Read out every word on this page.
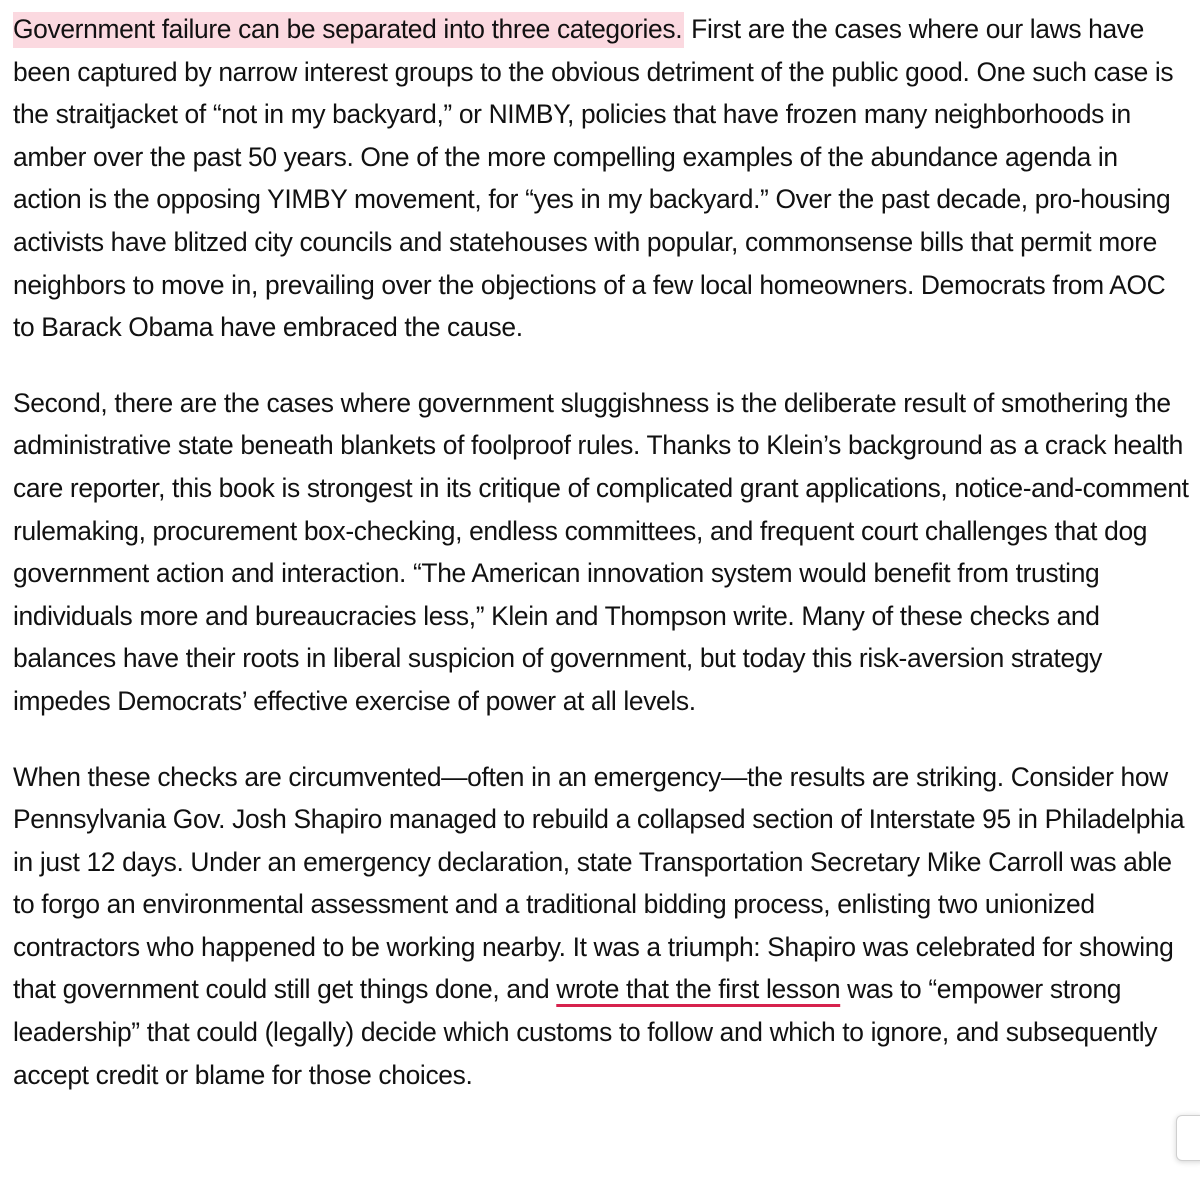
Government failure can be separated into three categories. First are the cases where our laws have been captured by narrow interest groups to the obvious detriment of the public good. One such case is the straitjacket of “not in my backyard,” or NIMBY, policies that have frozen many neighborhoods in amber over the past 50 years. One of the more compelling examples of the abundance agenda in action is the opposing YIMBY movement, for “yes in my backyard.” Over the past decade, pro-housing activists have blitzed city councils and statehouses with popular, commonsense bills that permit more neighbors to move in, prevailing over the objections of a few local homeowners. Democrats from AOC to Barack Obama have embraced the cause.

Second, there are the cases where government sluggishness is the deliberate result of smothering the administrative state beneath blankets of foolproof rules. Thanks to Klein’s background as a crack health care reporter, this book is strongest in its critique of complicated grant applications, notice-and-comment rulemaking, procurement box-checking, endless committees, and frequent court challenges that dog government action and interaction. “The American innovation system would benefit from trusting individuals more and bureaucracies less,” Klein and Thompson write. Many of these checks and balances have their roots in liberal suspicion of government, but today this risk-aversion strategy impedes Democrats’ effective exercise of power at all levels.

When these checks are circumvented—often in an emergency—the results are striking. Consider how Pennsylvania Gov. Josh Shapiro managed to rebuild a collapsed section of Interstate 95 in Philadelphia in just 12 days. Under an emergency declaration, state Transportation Secretary Mike Carroll was able to forgo an environmental assessment and a traditional bidding process, enlisting two unionized contractors who happened to be working nearby. It was a triumph: Shapiro was celebrated for showing that government could still get things done, and wrote that the first lesson was to “empower strong leadership” that could (legally) decide which customs to follow and which to ignore, and subsequently accept credit or blame for those choices.
